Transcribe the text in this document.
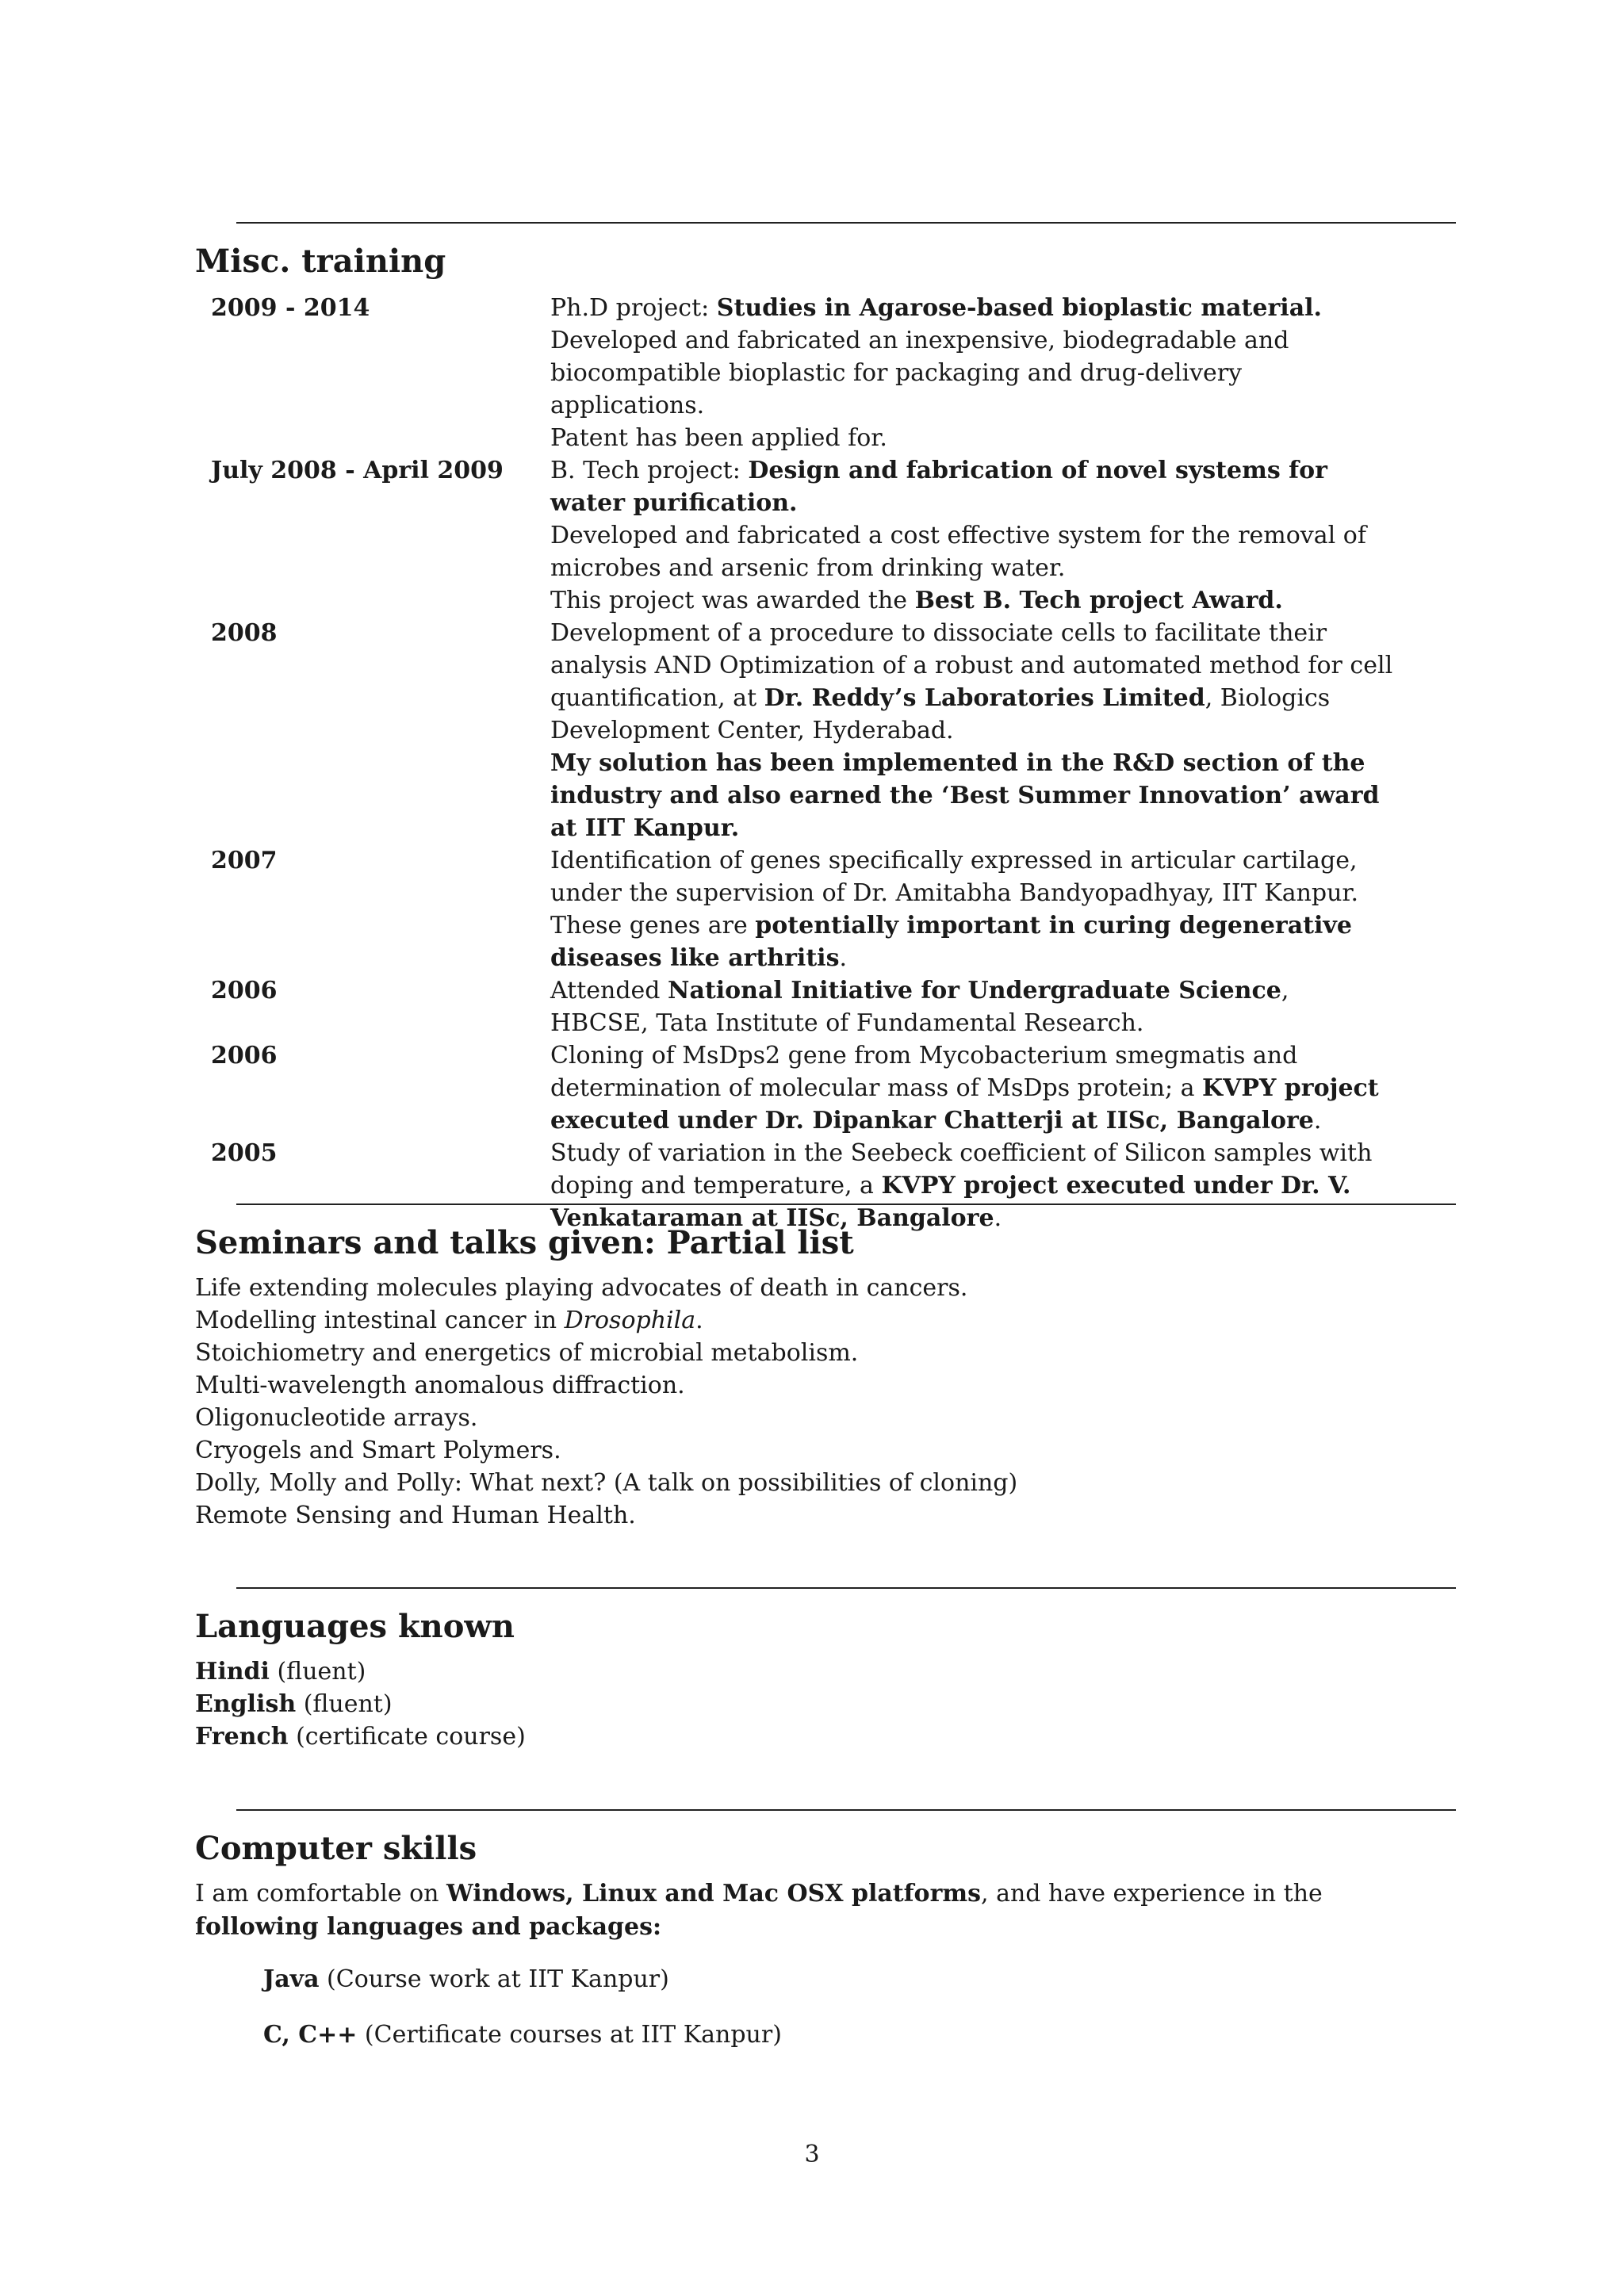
Misc. training
2009 - 2014	Ph.D project: Studies in Agarose-based bioplastic material.

Developed and fabricated an inexpensive, biodegradable and biocompatible bioplastic for packaging and drug-delivery applications.

Patent has been applied for.

July 2008 - April 2009	B. Tech project: Design and fabrication of novel systems for water purification.

Developed and fabricated a cost effective system for the removal of microbes and arsenic from drinking water.

This project was awarded the Best B. Tech project Award.

2008	Development of a procedure to dissociate cells to facilitate their analysis AND Optimization of a robust and automated method for cell quantification, at Dr. Reddy’s Laboratories Limited, Biologics Development Center, Hyderabad.

My solution has been implemented in the R&D section of the industry and also earned the ‘Best Summer Innovation’ award at IIT Kanpur.

2007	Identification of genes specifically expressed in articular cartilage, under the supervision of Dr. Amitabha Bandyopadhyay, IIT Kanpur.

These genes are potentially important in curing degenerative diseases like arthritis.

2006	Attended National Initiative for Undergraduate Science, HBCSE, Tata Institute of Fundamental Research.

2006	Cloning of MsDps2 gene from Mycobacterium smegmatis and determination of molecular mass of MsDps protein; a KVPY project executed under Dr. Dipankar Chatterji at IISc, Bangalore.

2005	Study of variation in the Seebeck coefficient of Silicon samples with doping and temperature, a KVPY project executed under Dr. V. Venkataraman at IISc, Bangalore.

Seminars and talks given: Partial list
Life extending molecules playing advocates of death in cancers.
Modelling intestinal cancer in Drosophila.
Stoichiometry and energetics of microbial metabolism.
Multi-wavelength anomalous diffraction.
Oligonucleotide arrays.
Cryogels and Smart Polymers.
Dolly, Molly and Polly: What next? (A talk on possibilities of cloning)
Remote Sensing and Human Health.
Languages known
Hindi (fluent)
English (fluent)
French (certificate course)
Computer skills

I am comfortable on Windows, Linux and Mac OSX platforms, and have experience in the following languages and packages:

Java (Course work at IIT Kanpur)
C, C++ (Certificate courses at IIT Kanpur)
3
